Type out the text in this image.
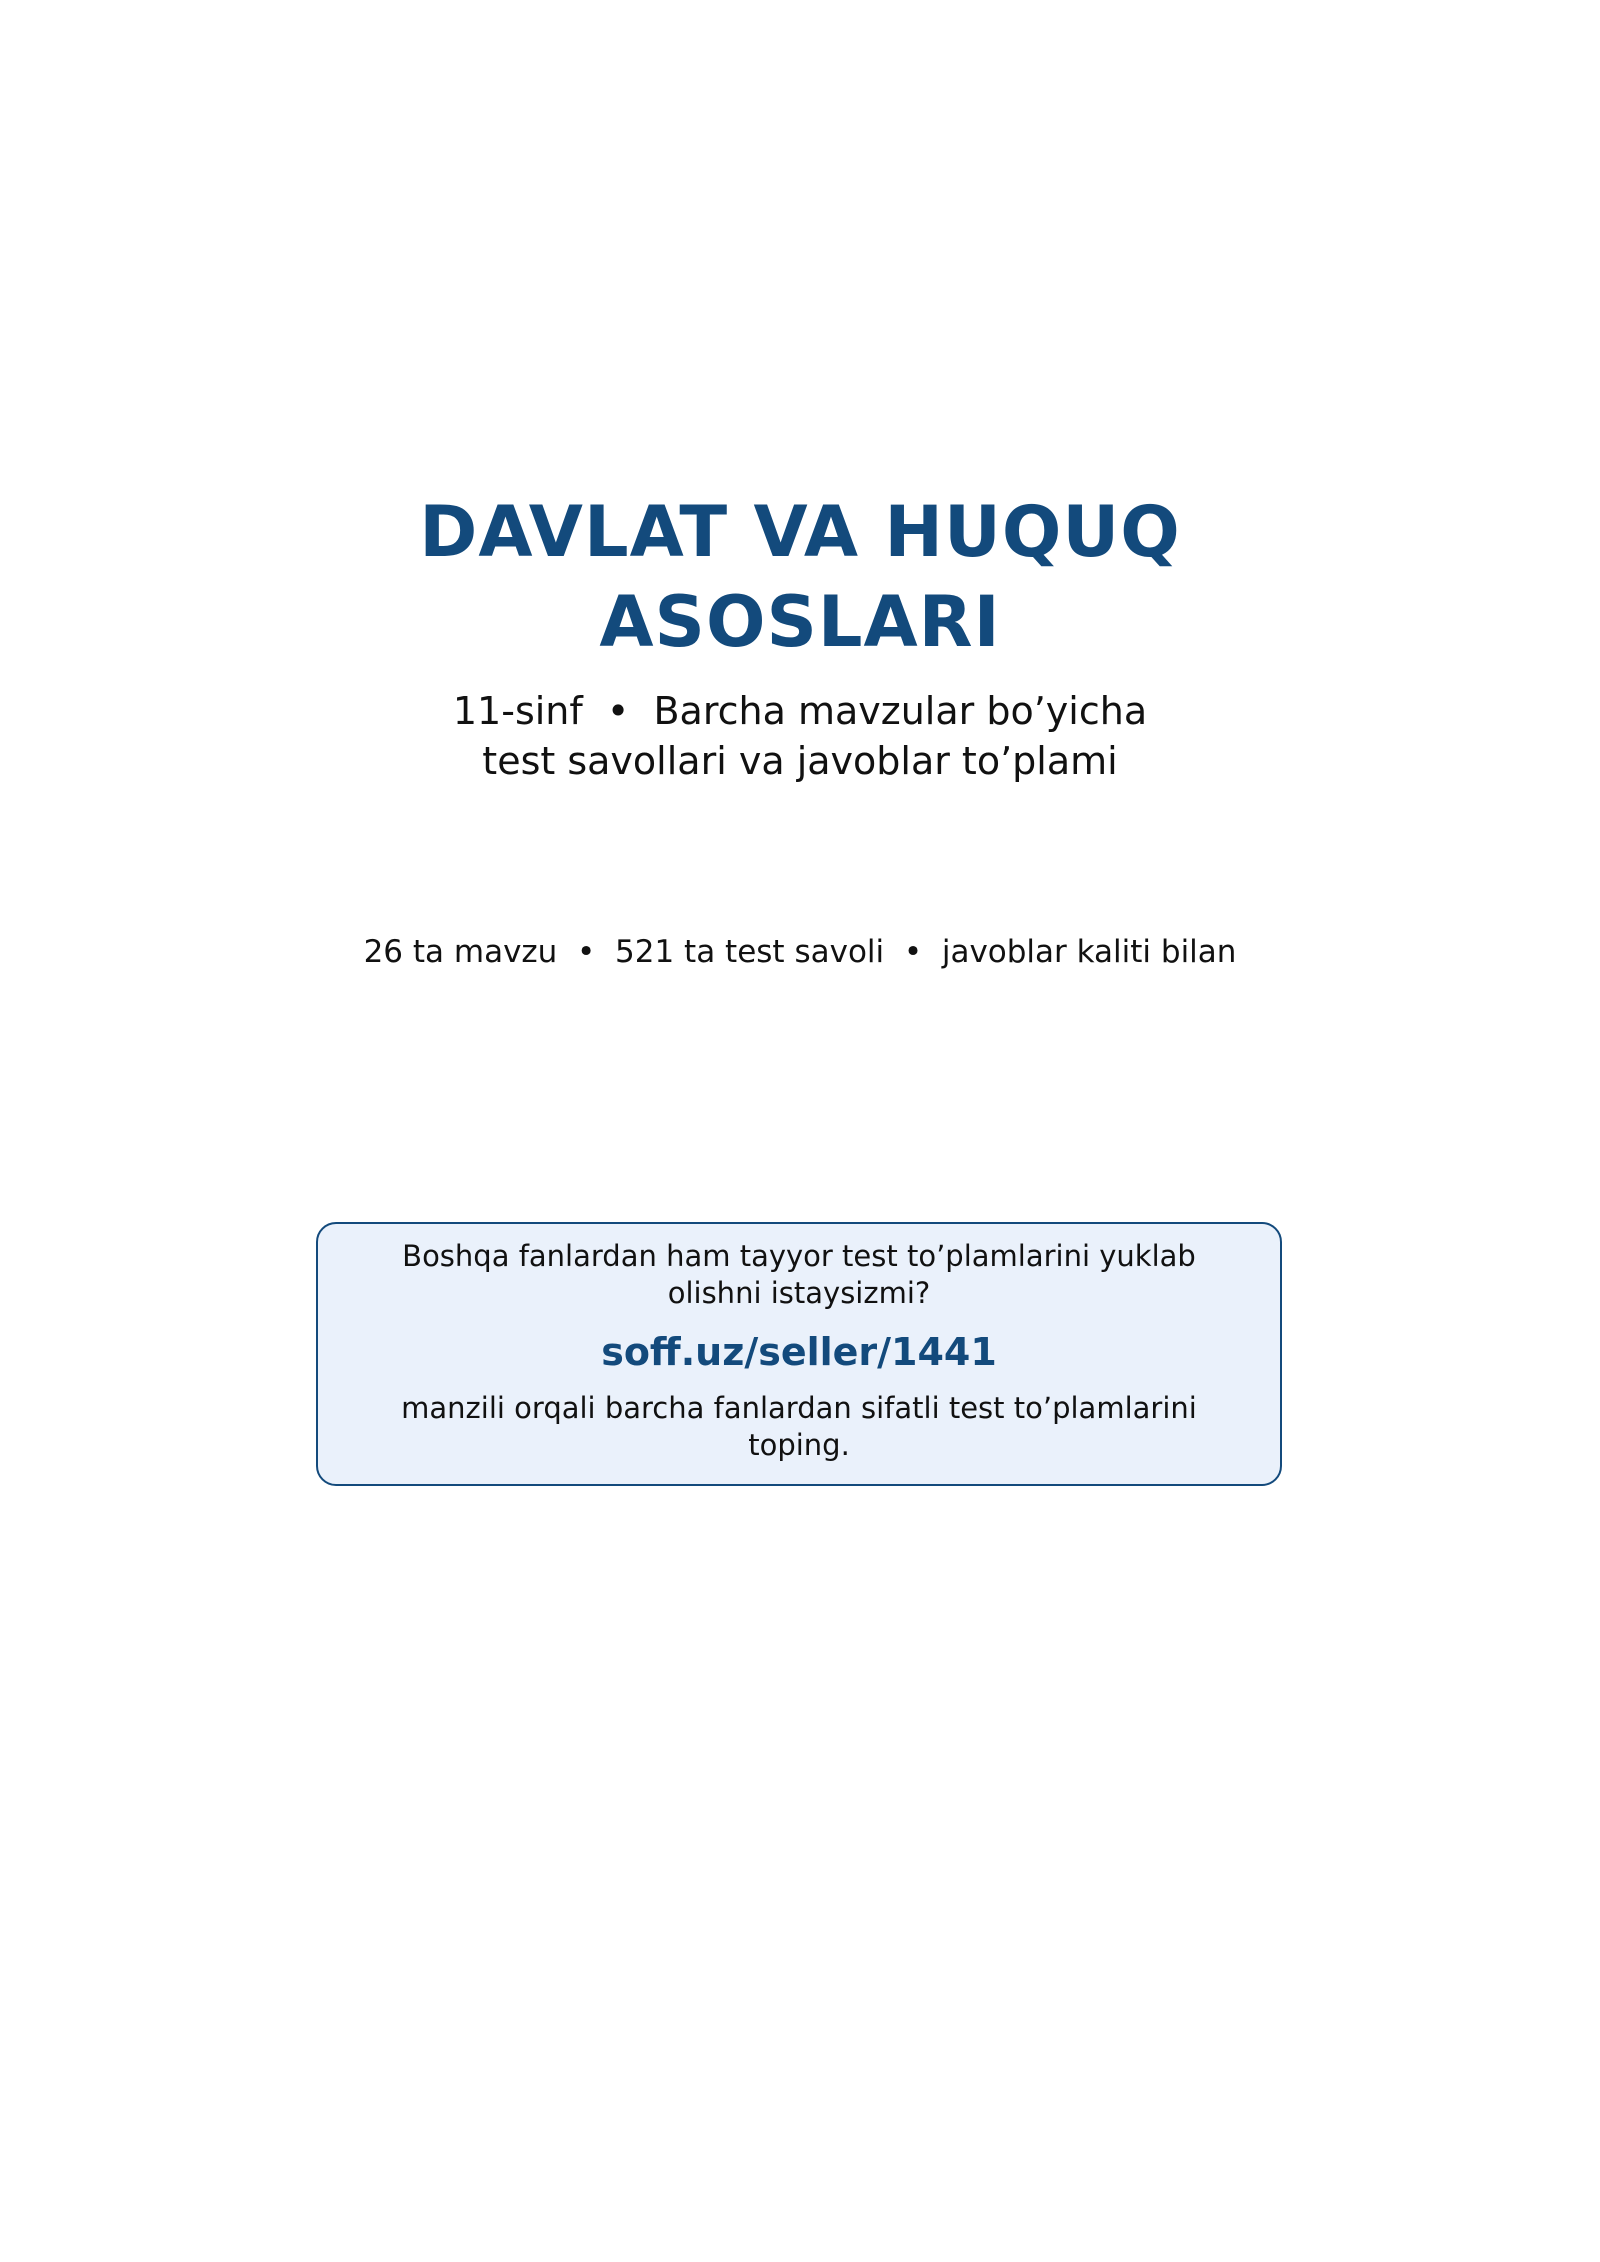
DAVLAT VA HUQUQ
ASOSLARI
11-sinf  •  Barcha mavzular bo’yicha
test savollari va javoblar to’plami
26 ta mavzu  •  521 ta test savoli  •  javoblar kaliti bilan
Boshqa fanlardan ham tayyor test to’plamlarini yuklab
olishni istaysizmi?
soff.uz/seller/1441
manzili orqali barcha fanlardan sifatli test to’plamlarini
toping.
